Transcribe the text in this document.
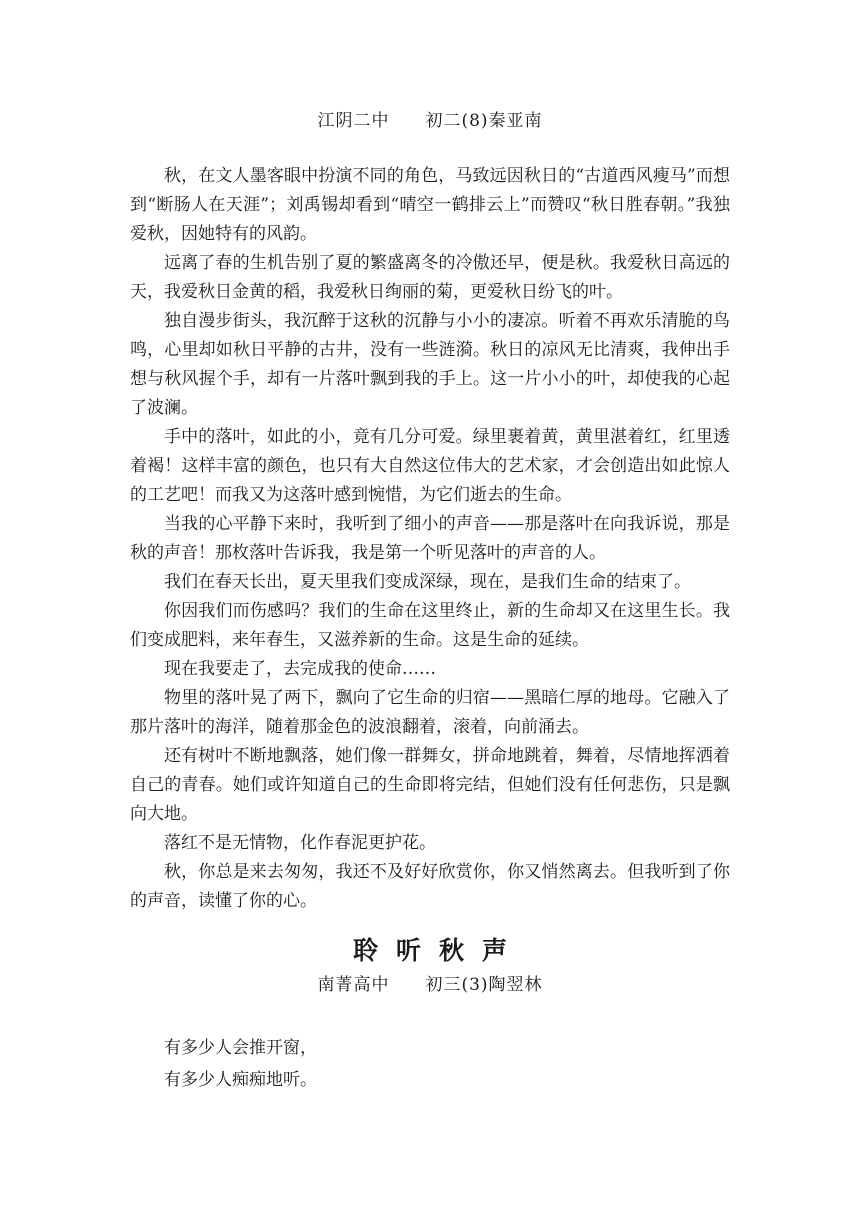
江阴二中　　初二(8)秦亚南

秋，在文人墨客眼中扮演不同的角色，马致远因秋日的“古道西风瘦马”而想到“断肠人在天涯”；刘禹锡却看到“晴空一鹤排云上”而赞叹“秋日胜春朝。”我独爱秋，因她特有的风韵。

远离了春的生机告别了夏的繁盛离冬的冷傲还早，便是秋。我爱秋日高远的天，我爱秋日金黄的稻，我爱秋日绚丽的菊，更爱秋日纷飞的叶。

独自漫步街头，我沉醉于这秋的沉静与小小的凄凉。听着不再欢乐清脆的鸟鸣，心里却如秋日平静的古井，没有一些涟漪。秋日的凉风无比清爽，我伸出手想与秋风握个手，却有一片落叶飘到我的手上。这一片小小的叶，却使我的心起了波澜。

手中的落叶，如此的小，竟有几分可爱。绿里裹着黄，黄里湛着红，红里透着褐！这样丰富的颜色，也只有大自然这位伟大的艺术家，才会创造出如此惊人的工艺吧！而我又为这落叶感到惋惜，为它们逝去的生命。

当我的心平静下来时，我听到了细小的声音——那是落叶在向我诉说，那是秋的声音！那枚落叶告诉我，我是第一个听见落叶的声音的人。

我们在春天长出，夏天里我们变成深绿，现在，是我们生命的结束了。

你因我们而伤感吗？我们的生命在这里终止，新的生命却又在这里生长。我们变成肥料，来年春生，又滋养新的生命。这是生命的延续。

现在我要走了，去完成我的使命……

物里的落叶晃了两下，飘向了它生命的归宿——黑暗仁厚的地母。它融入了那片落叶的海洋，随着那金色的波浪翻着，滚着，向前涌去。

还有树叶不断地飘落，她们像一群舞女，拼命地跳着，舞着，尽情地挥洒着自己的青春。她们或许知道自己的生命即将完结，但她们没有任何悲伤，只是飘向大地。

落红不是无情物，化作春泥更护花。

秋，你总是来去匆匆，我还不及好好欣赏你，你又悄然离去。但我听到了你的声音，读懂了你的心。

聆听秋声
南菁高中　　初三(3)陶翌林
有多少人会推开窗，
有多少人痴痴地听。
